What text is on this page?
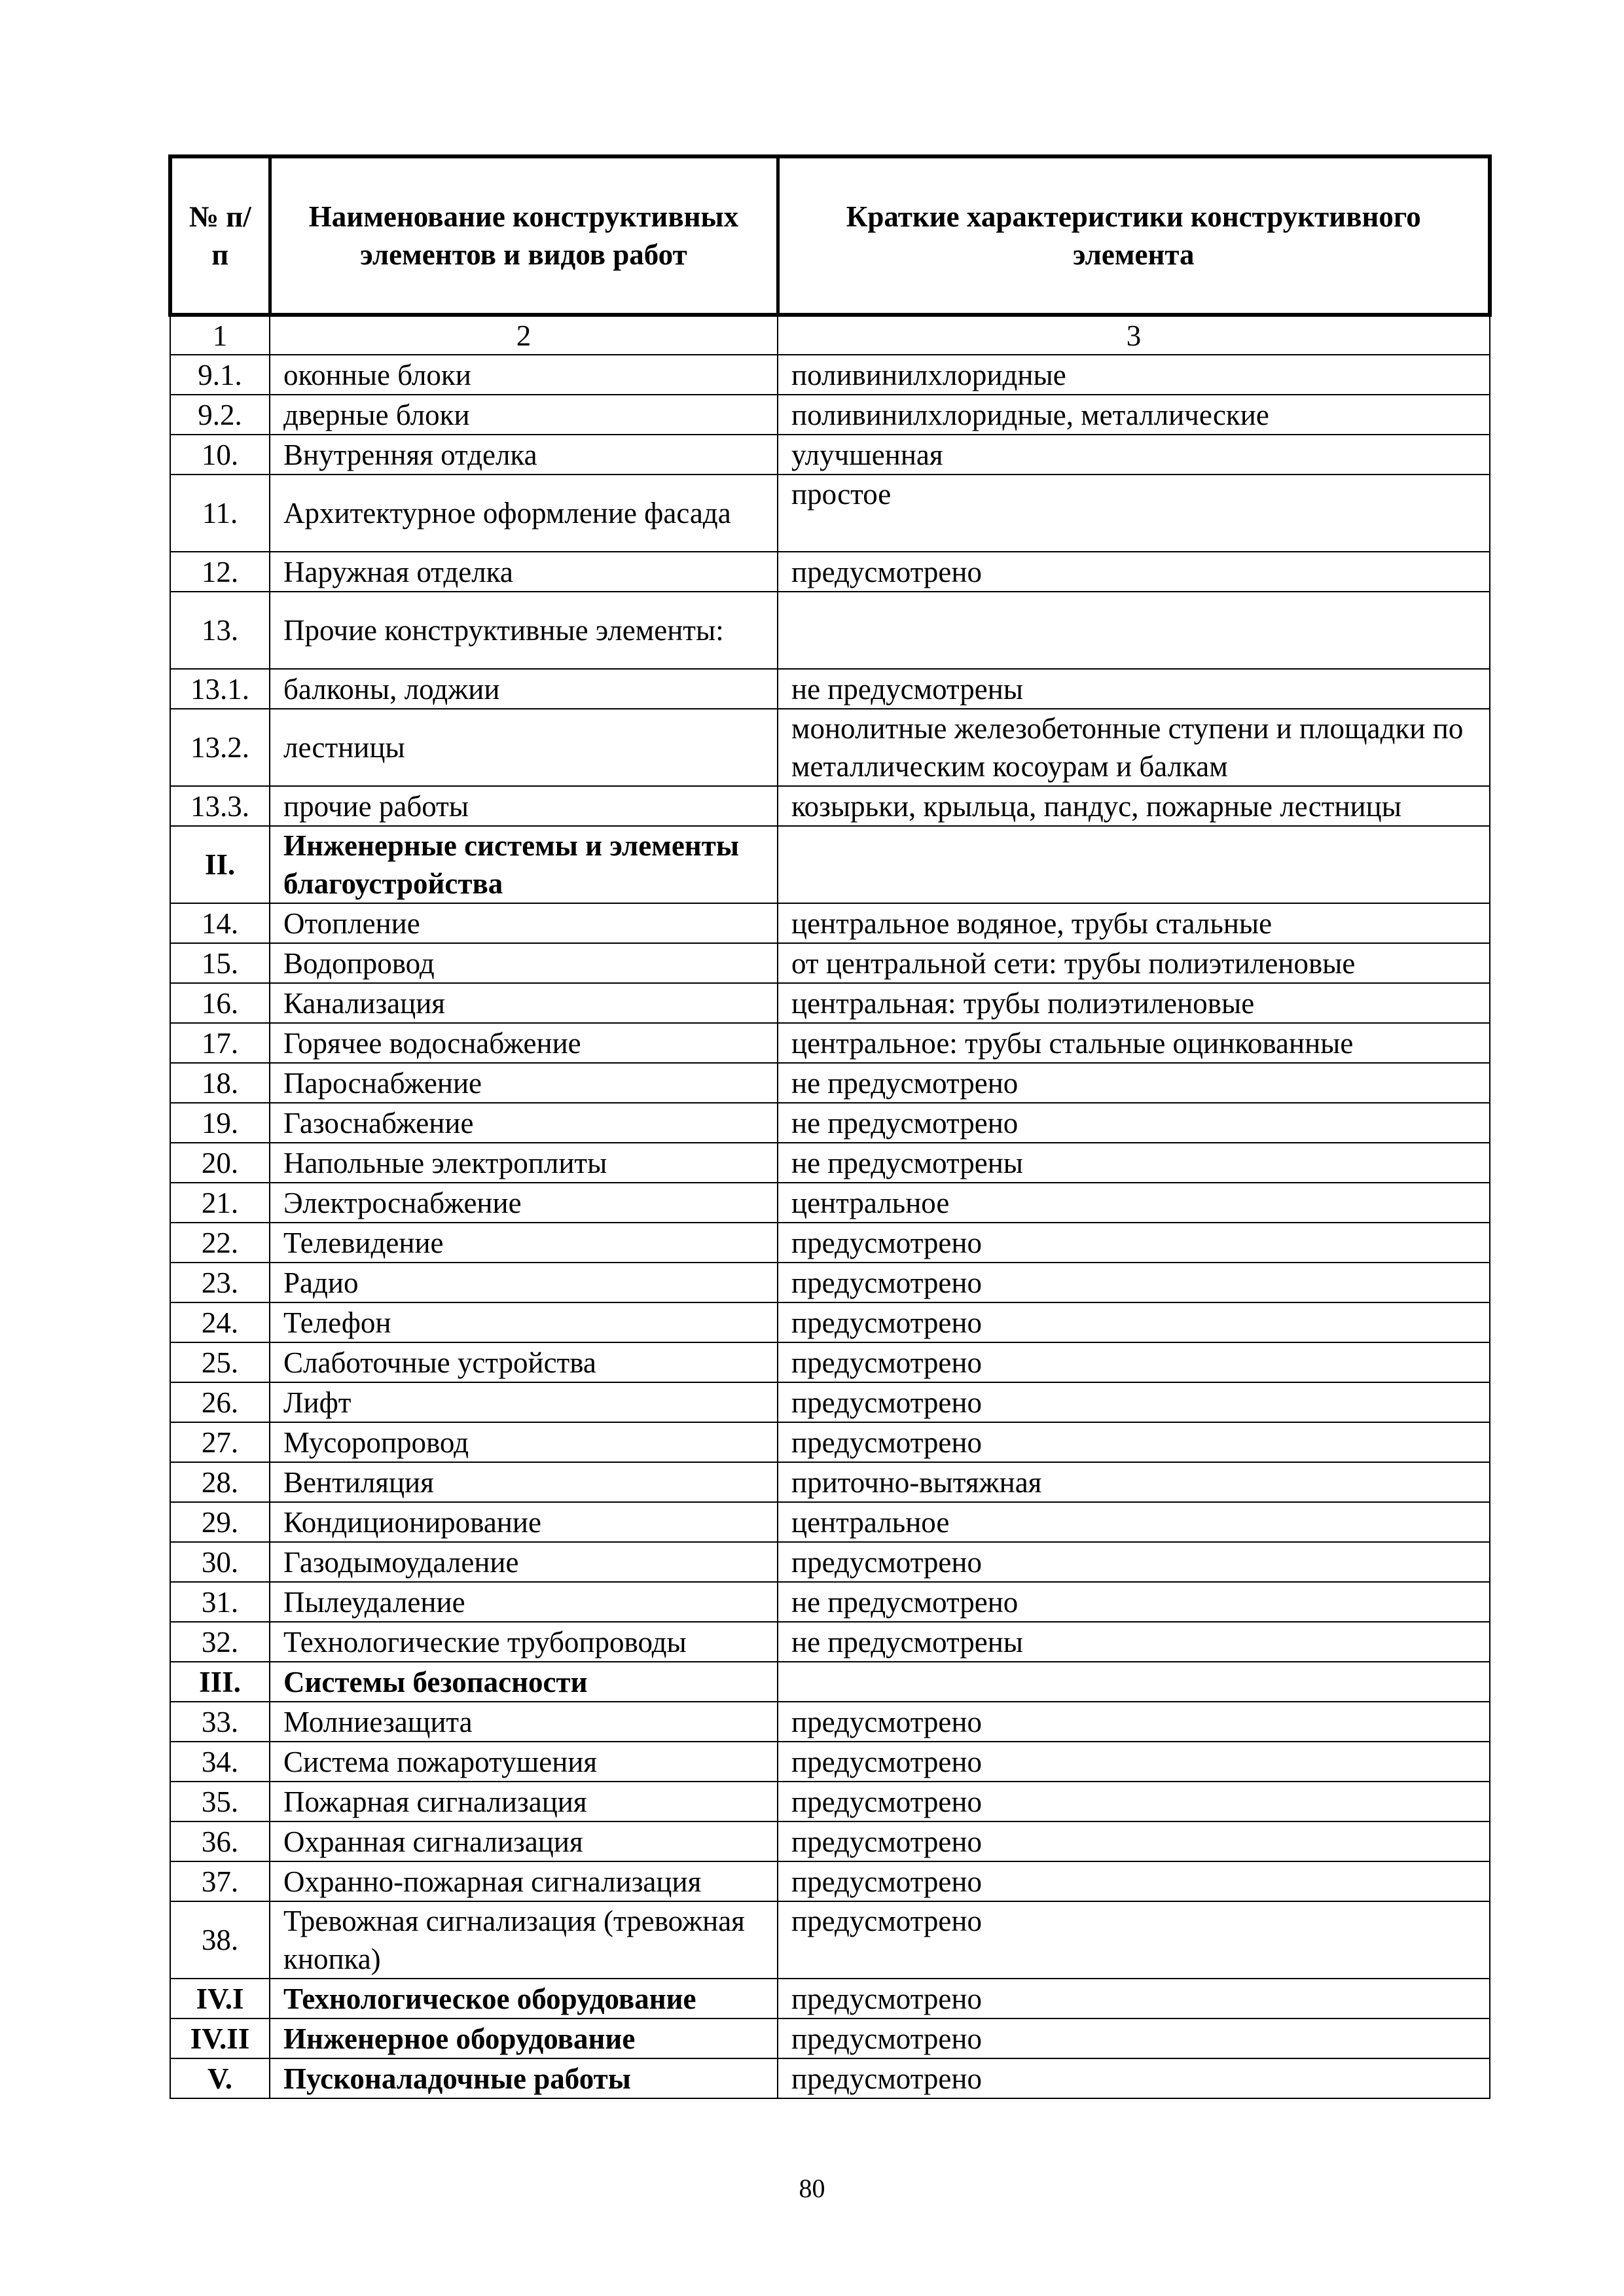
№ п/п	Наименование конструктивных элементов и видов работ	Краткие характеристики конструктивного элемента
1	2	3
9.1.	оконные блоки	поливинилхлоридные
9.2.	дверные блоки	поливинилхлоридные, металлические
10.	Внутренняя отделка	улучшенная
11.	Архитектурное оформление фасада	простое
12.	Наружная отделка	предусмотрено
13.	Прочие конструктивные элементы:	
13.1.	балконы, лоджии	не предусмотрены
13.2.	лестницы	монолитные железобетонные ступени и площадки по металлическим косоурам и балкам
13.3.	прочие работы	козырьки, крыльца, пандус, пожарные лестницы
II.	Инженерные системы и элементы благоустройства	
14.	Отопление	центральное водяное, трубы стальные
15.	Водопровод	от центральной сети: трубы полиэтиленовые
16.	Канализация	центральная: трубы полиэтиленовые
17.	Горячее водоснабжение	центральное: трубы стальные оцинкованные
18.	Пароснабжение	не предусмотрено
19.	Газоснабжение	не предусмотрено
20.	Напольные электроплиты	не предусмотрены
21.	Электроснабжение	центральное
22.	Телевидение	предусмотрено
23.	Радио	предусмотрено
24.	Телефон	предусмотрено
25.	Слаботочные устройства	предусмотрено
26.	Лифт	предусмотрено
27.	Мусоропровод	предусмотрено
28.	Вентиляция	приточно-вытяжная
29.	Кондиционирование	центральное
30.	Газодымоудаление	предусмотрено
31.	Пылеудаление	не предусмотрено
32.	Технологические трубопроводы	не предусмотрены
III.	Системы безопасности	
33.	Молниезащита	предусмотрено
34.	Система пожаротушения	предусмотрено
35.	Пожарная сигнализация	предусмотрено
36.	Охранная сигнализация	предусмотрено
37.	Охранно-пожарная сигнализация	предусмотрено
38.	Тревожная сигнализация (тревожная кнопка)	предусмотрено
IV.I	Технологическое оборудование	предусмотрено
IV.II	Инженерное оборудование	предусмотрено
V.	Пусконаладочные работы	предусмотрено
80
